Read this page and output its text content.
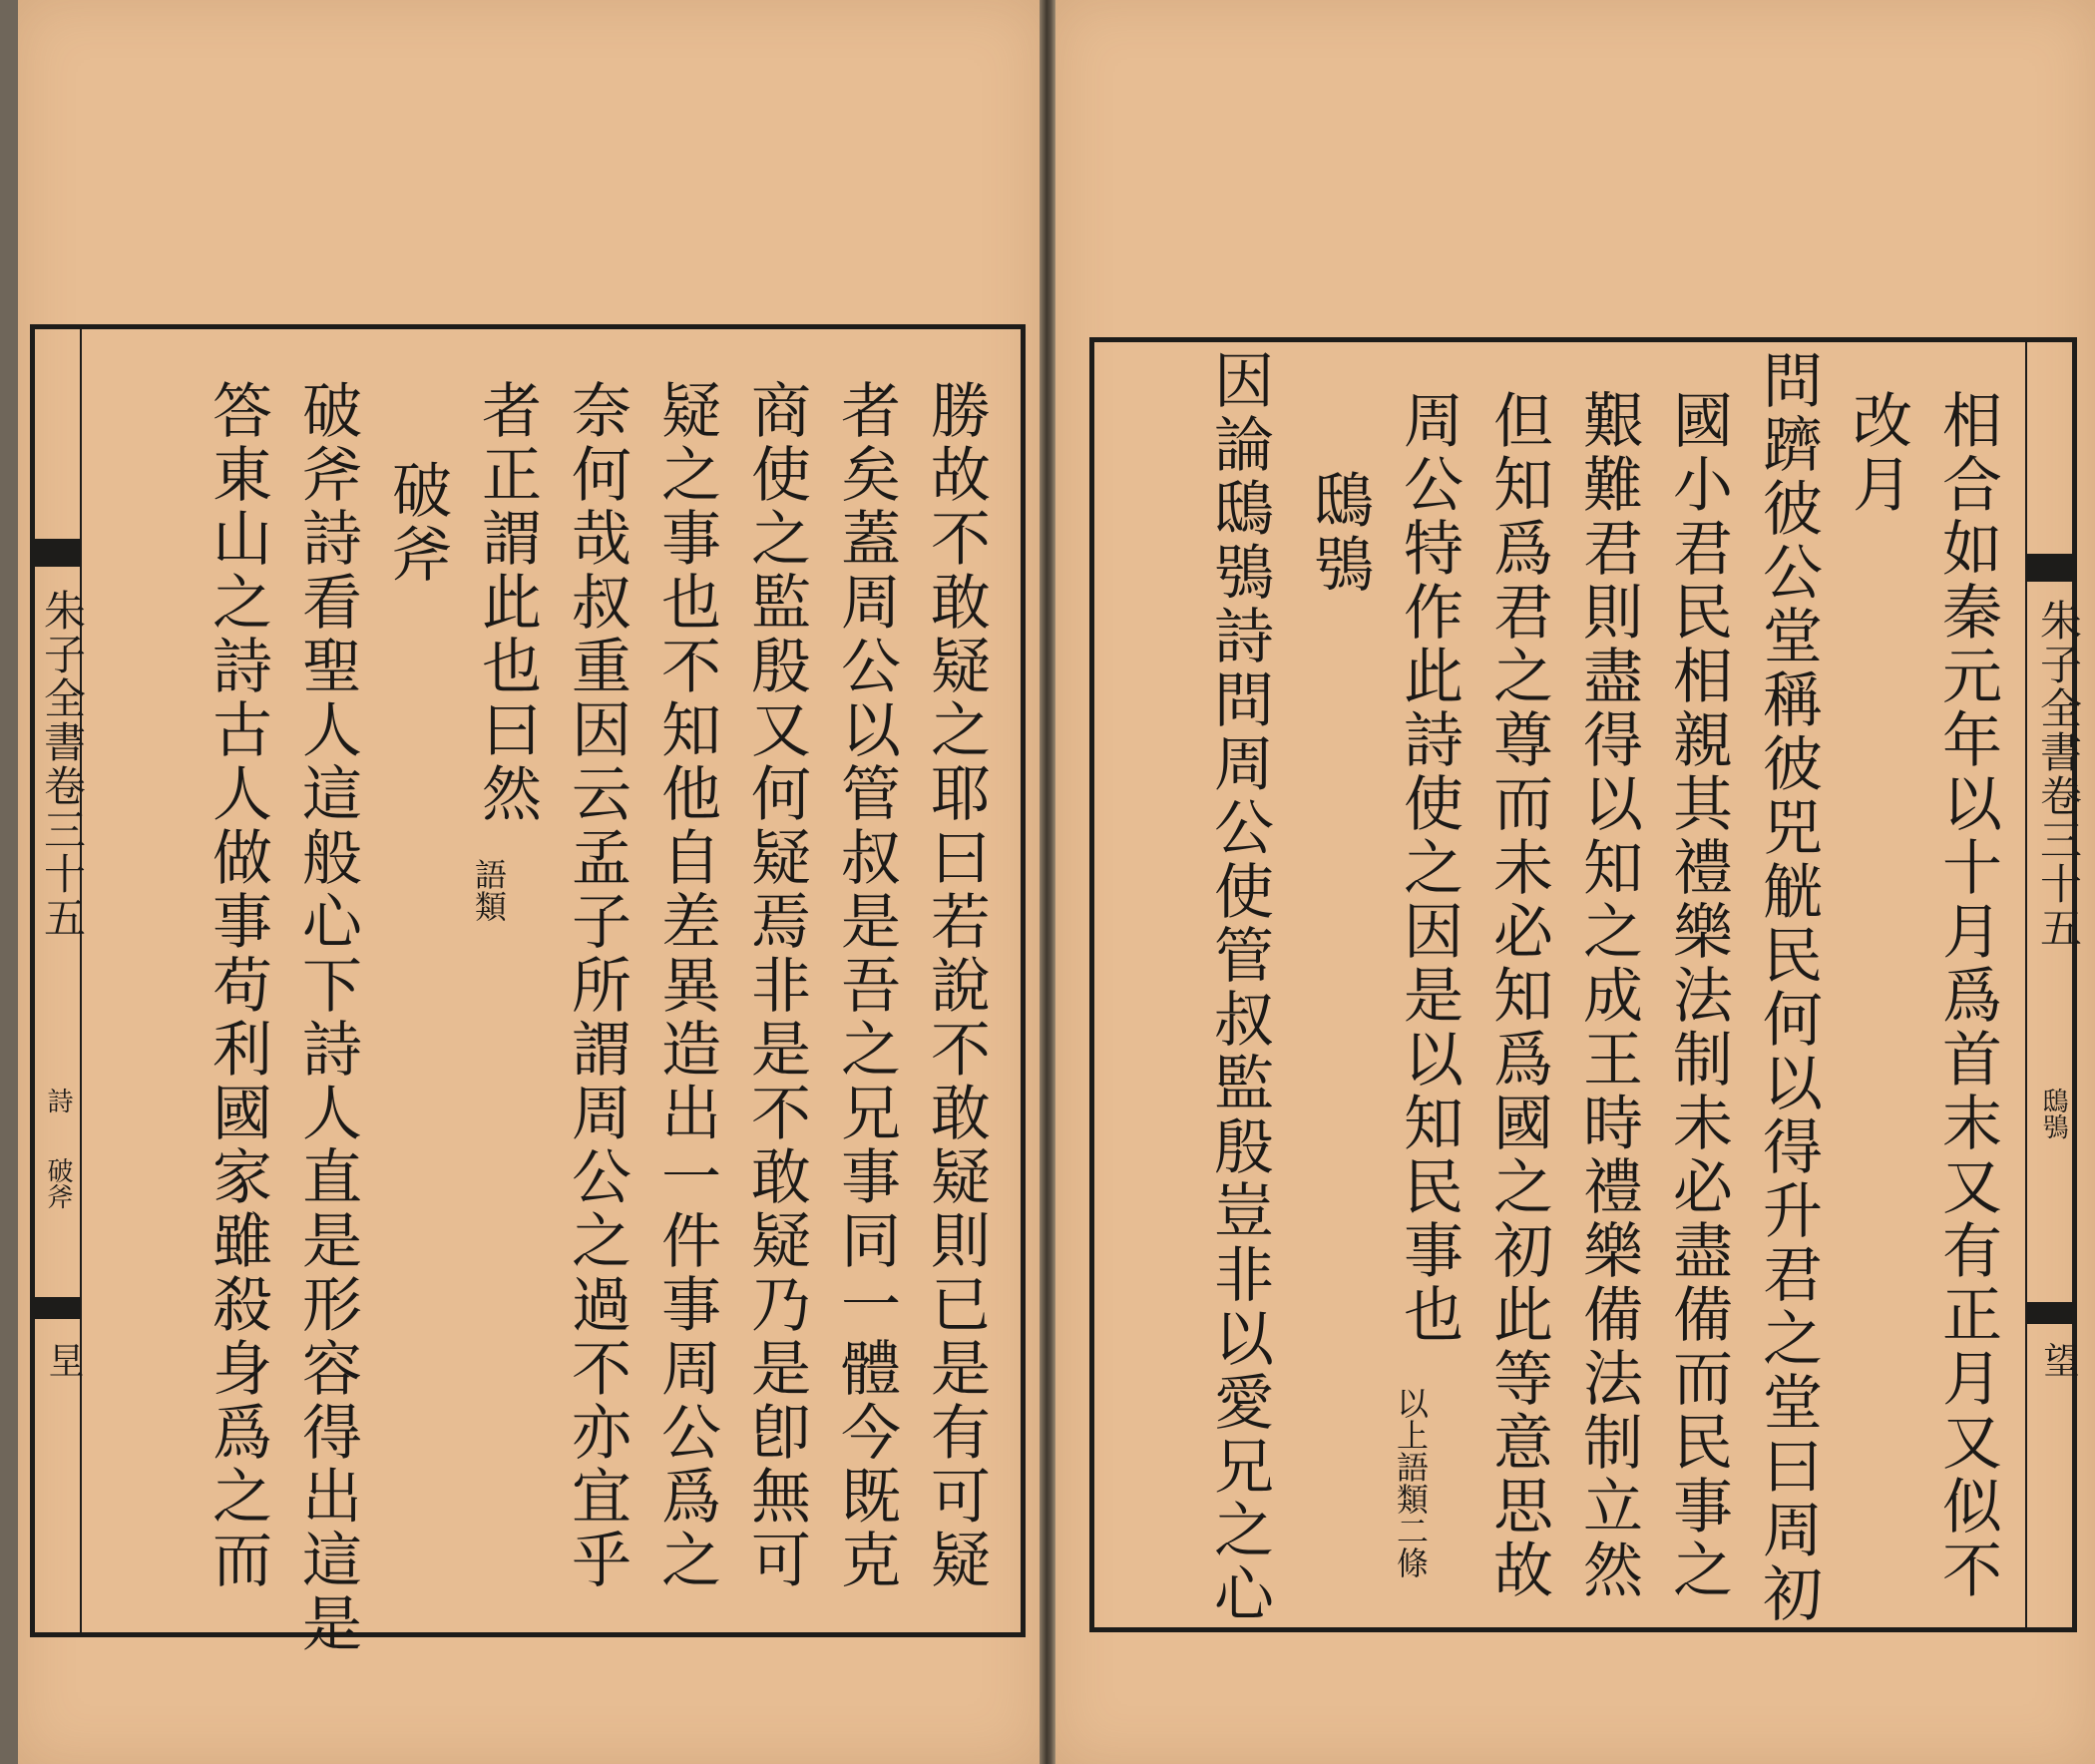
朱子全書卷三十五
詩
破斧
圼	勝故不敢疑之耶曰若說不敢疑則已是有可疑
者矣蓋周公以管叔是吾之兄事同一體今既克
商使之監殷又何疑焉非是不敢疑乃是卽無可
疑之事也不知他自差異造出一件事周公爲之
奈何哉叔重因云孟子所謂周公之過不亦宜乎
者正謂此也曰然
語類
破斧
破斧詩看聖人這般心下詩人直是形容得出這是
答東山之詩古人做事苟利國家雖殺身爲之而	朱子全書卷三十五
鴟鴞
望
相合如秦元年以十月爲首末又有正月又似不
改月
問躋彼公堂稱彼兕觥民何以得升君之堂曰周初
國小君民相親其禮樂法制未必盡備而民事之
艱難君則盡得以知之成王時禮樂備法制立然
但知爲君之尊而未必知爲國之初此等意思故
周公特作此詩使之因是以知民事也
以上語類二條
鴟鴞
因論鴟鴞詩問周公使管叔監殷豈非以愛兄之心
